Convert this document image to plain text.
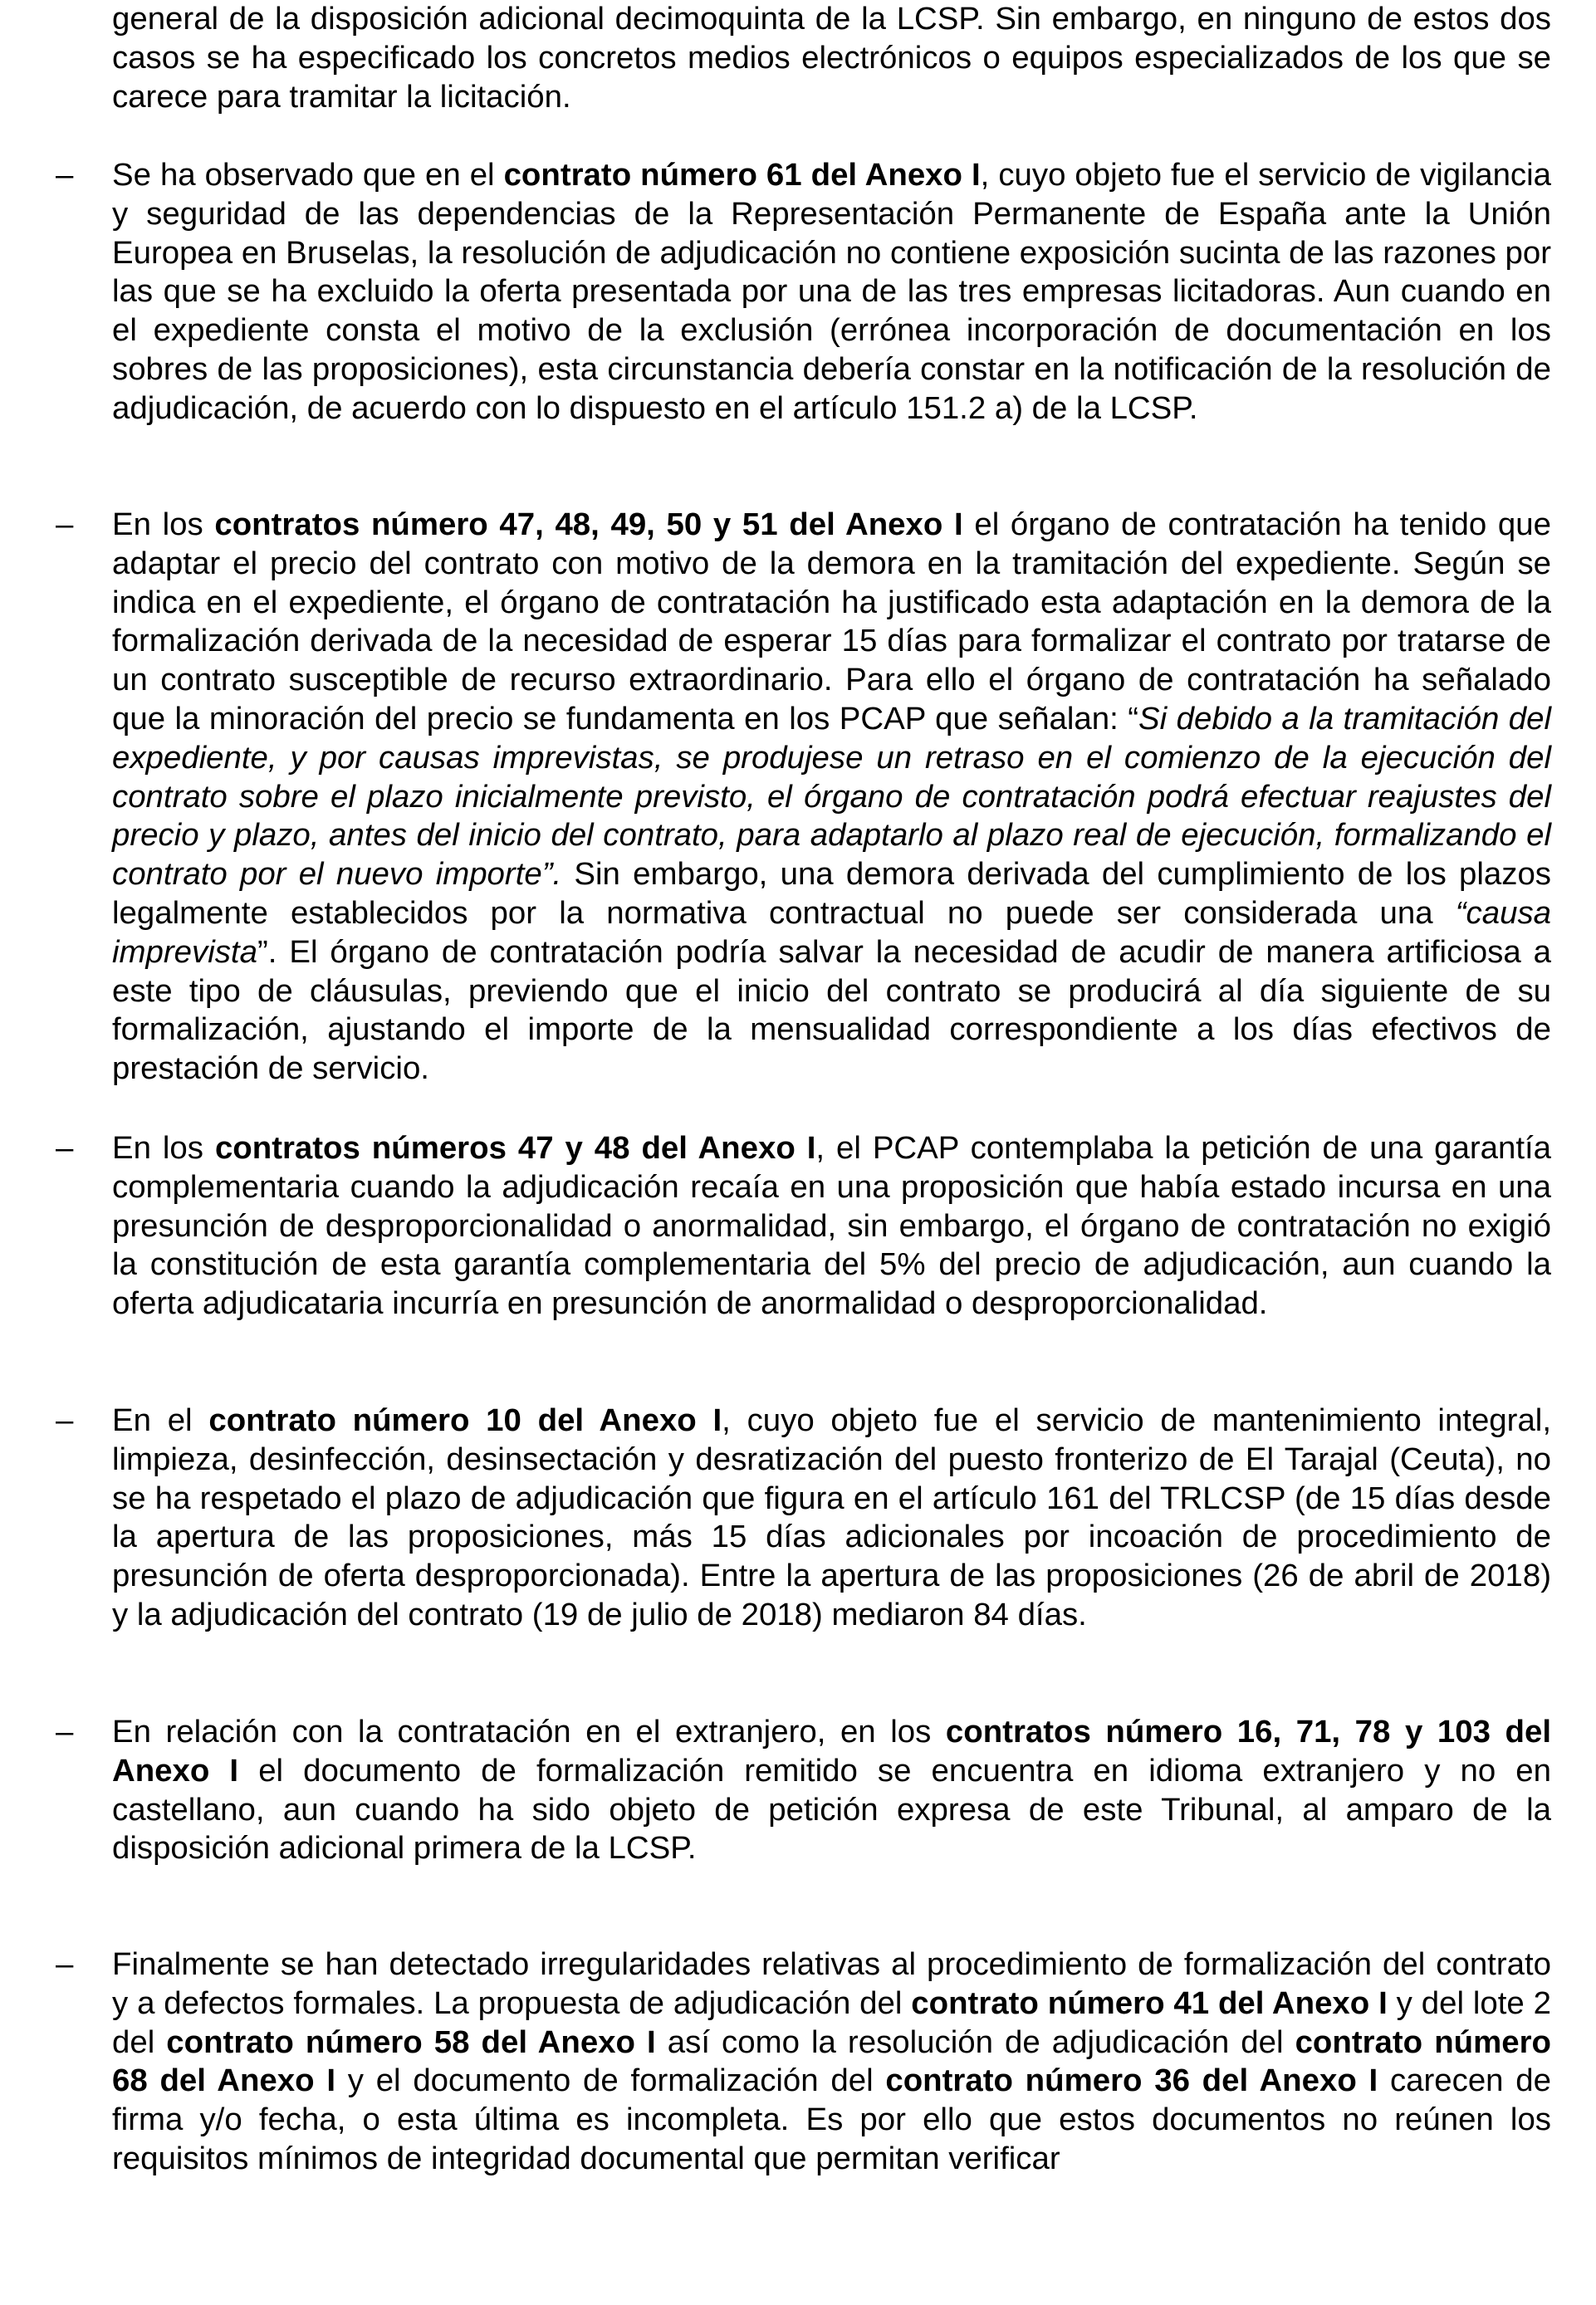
general de la disposición adicional decimoquinta de la LCSP. Sin embargo, en ninguno de estos dos casos se ha especificado los concretos medios electrónicos o equipos especializados de los que se carece para tramitar la licitación.

– Se ha observado que en el contrato número 61 del Anexo I, cuyo objeto fue el servicio de vigilancia y seguridad de las dependencias de la Representación Permanente de España ante la Unión Europea en Bruselas, la resolución de adjudicación no contiene exposición sucinta de las razones por las que se ha excluido la oferta presentada por una de las tres empresas licitadoras. Aun cuando en el expediente consta el motivo de la exclusión (errónea incorporación de documentación en los sobres de las proposiciones), esta circunstancia debería constar en la notificación de la resolución de adjudicación, de acuerdo con lo dispuesto en el artículo 151.2 a) de la LCSP.
– En los contratos número 47, 48, 49, 50 y 51 del Anexo I el órgano de contratación ha tenido que adaptar el precio del contrato con motivo de la demora en la tramitación del expediente. Según se indica en el expediente, el órgano de contratación ha justificado esta adaptación en la demora de la formalización derivada de la necesidad de esperar 15 días para formalizar el contrato por tratarse de un contrato susceptible de recurso extraordinario. Para ello el órgano de contratación ha señalado que la minoración del precio se fundamenta en los PCAP que señalan: “Si debido a la tramitación del expediente, y por causas imprevistas, se produjese un retraso en el comienzo de la ejecución del contrato sobre el plazo inicialmente previsto, el órgano de contratación podrá efectuar reajustes del precio y plazo, antes del inicio del contrato, para adaptarlo al plazo real de ejecución, formalizando el contrato por el nuevo importe”. Sin embargo, una demora derivada del cumplimiento de los plazos legalmente establecidos por la normativa contractual no puede ser considerada una “causa imprevista”. El órgano de contratación podría salvar la necesidad de acudir de manera artificiosa a este tipo de cláusulas, previendo que el inicio del contrato se producirá al día siguiente de su formalización, ajustando el importe de la mensualidad correspondiente a los días efectivos de prestación de servicio.
– En los contratos números 47 y 48 del Anexo I, el PCAP contemplaba la petición de una garantía complementaria cuando la adjudicación recaía en una proposición que había estado incursa en una presunción de desproporcionalidad o anormalidad, sin embargo, el órgano de contratación no exigió la constitución de esta garantía complementaria del 5% del precio de adjudicación, aun cuando la oferta adjudicataria incurría en presunción de anormalidad o desproporcionalidad.
– En el contrato número 10 del Anexo I, cuyo objeto fue el servicio de mantenimiento integral, limpieza, desinfección, desinsectación y desratización del puesto fronterizo de El Tarajal (Ceuta), no se ha respetado el plazo de adjudicación que figura en el artículo 161 del TRLCSP (de 15 días desde la apertura de las proposiciones, más 15 días adicionales por incoación de procedimiento de presunción de oferta desproporcionada). Entre la apertura de las proposiciones (26 de abril de 2018) y la adjudicación del contrato (19 de julio de 2018) mediaron 84 días.
– En relación con la contratación en el extranjero, en los contratos número 16, 71, 78 y 103 del Anexo I el documento de formalización remitido se encuentra en idioma extranjero y no en castellano, aun cuando ha sido objeto de petición expresa de este Tribunal, al amparo de la disposición adicional primera de la LCSP.
– Finalmente se han detectado irregularidades relativas al procedimiento de formalización del contrato y a defectos formales. La propuesta de adjudicación del contrato número 41 del Anexo I y del lote 2 del contrato número 58 del Anexo I así como la resolución de adjudicación del contrato número 68 del Anexo I y el documento de formalización del contrato número 36 del Anexo I carecen de firma y/o fecha, o esta última es incompleta. Es por ello que estos documentos no reúnen los requisitos mínimos de integridad documental que permitan verificar
